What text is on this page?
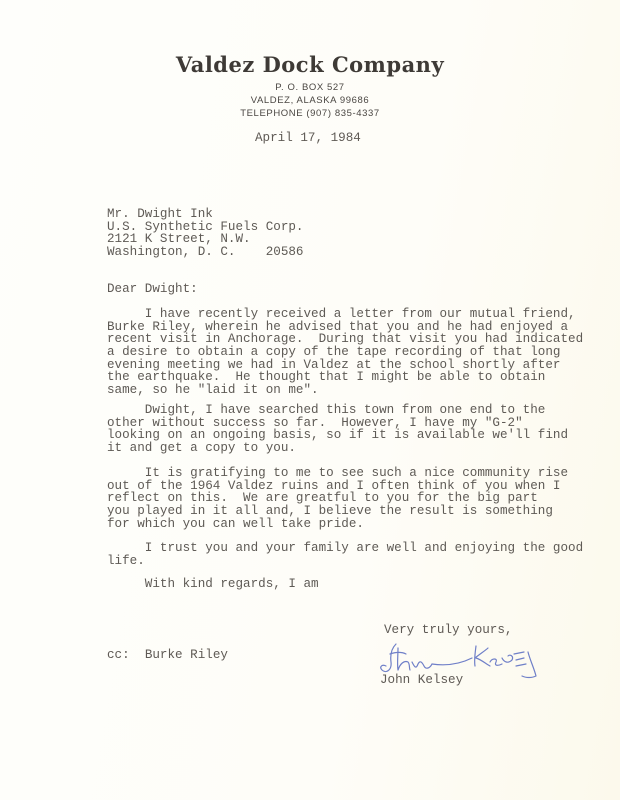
Valdez Dock Company
P. O. BOX 527
VALDEZ, ALASKA 99686
TELEPHONE (907) 835-4337
April 17, 1984
Mr. Dwight Ink
U.S. Synthetic Fuels Corp.
2121 K Street, N.W.
Washington, D. C.    20586
Dear Dwight:
I have recently received a letter from our mutual friend,
Burke Riley, wherein he advised that you and he had enjoyed a
recent visit in Anchorage.  During that visit you had indicated
a desire to obtain a copy of the tape recording of that long
evening meeting we had in Valdez at the school shortly after
the earthquake.  He thought that I might be able to obtain
same, so he "laid it on me".
Dwight, I have searched this town from one end to the
other without success so far.  However, I have my "G-2"
looking on an ongoing basis, so if it is available we'll find
it and get a copy to you.
It is gratifying to me to see such a nice community rise
out of the 1964 Valdez ruins and I often think of you when I
reflect on this.  We are greatful to you for the big part
you played in it all and, I believe the result is something
for which you can well take pride.
I trust you and your family are well and enjoying the good
life.
With kind regards, I am
Very truly yours,
John Kelsey
cc: Burke Riley
